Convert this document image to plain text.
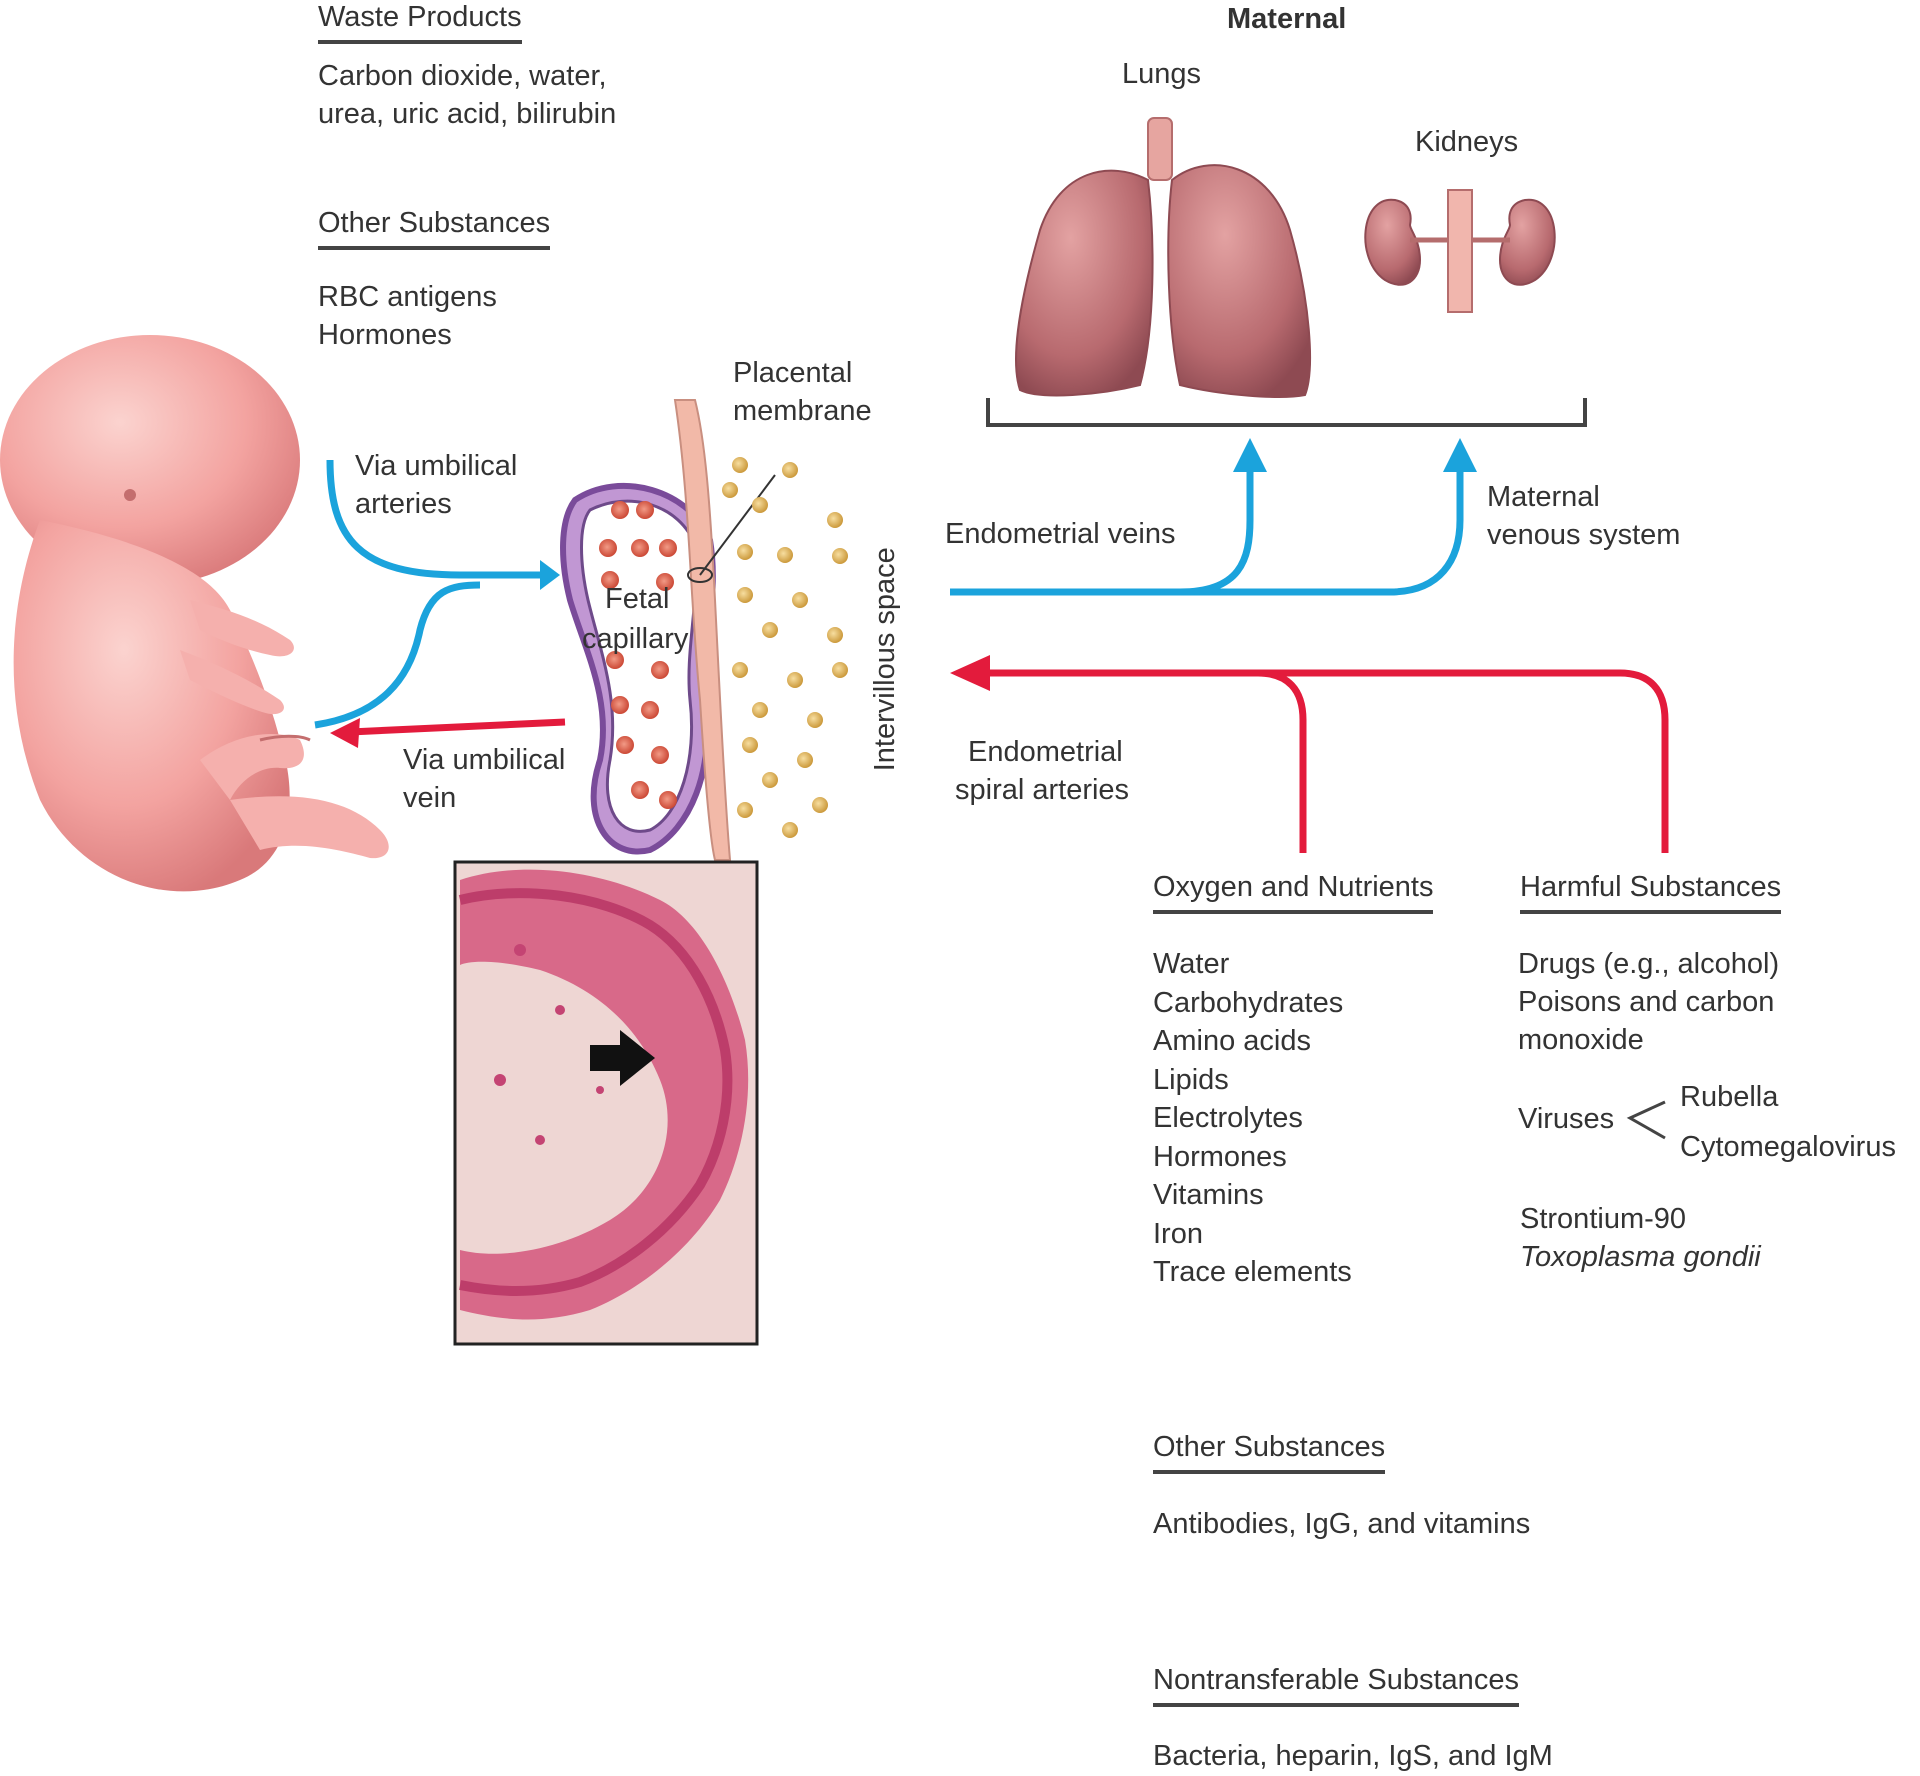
Waste Products
Carbon dioxide, water,
urea, uric acid, bilirubin
Other Substances
RBC antigens
Hormones
Maternal
Lungs
Kidneys
Via umbilical
arteries
Via umbilical
vein
Placental
membrane
Fetal
capillary	Intervillous space
Endometrial veins
Maternal
venous system
Endometrial
spiral arteries
Oxygen and Nutrients
Water
Carbohydrates
Amino acids
Lipids
Electrolytes
Hormones
Vitamins
Iron
Trace elements
Harmful Substances
Drugs (e.g., alcohol)
Poisons and carbon
monoxide
Viruses
Rubella
Cytomegalovirus
Strontium-90
Toxoplasma gondii
Other Substances
Antibodies, IgG, and vitamins
Nontransferable Substances
Bacteria, heparin, IgS, and IgM
